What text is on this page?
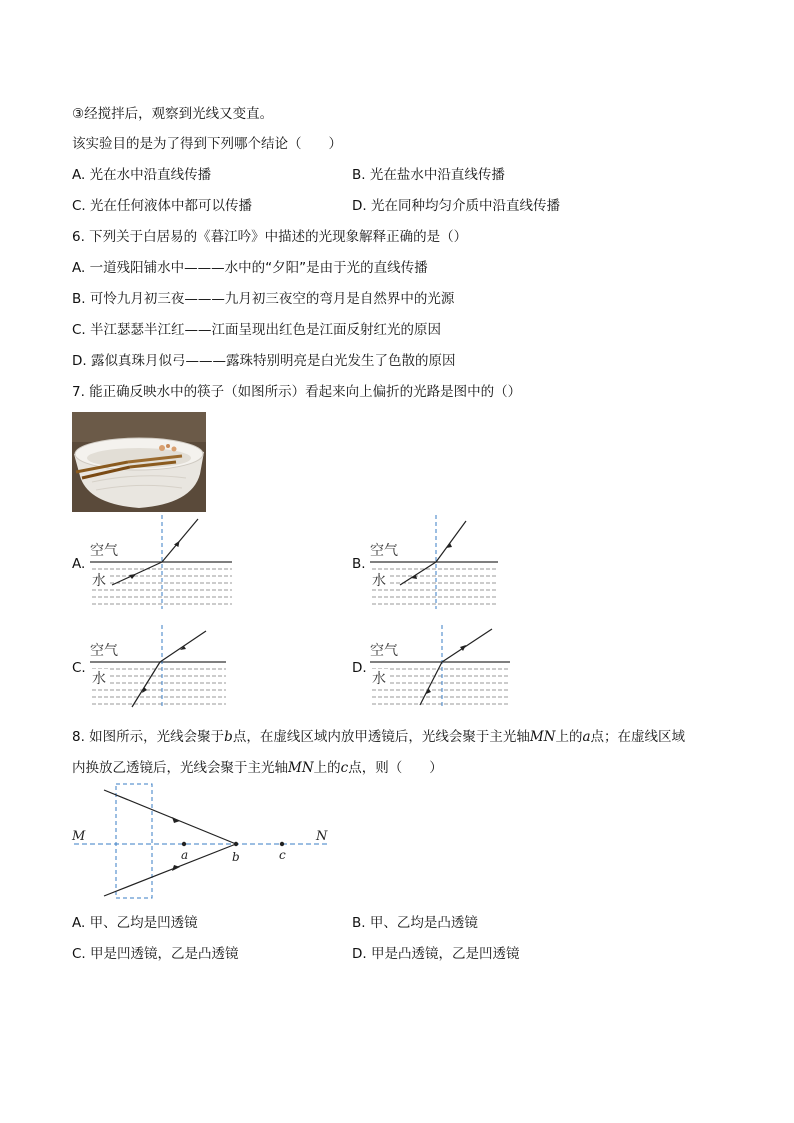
③经搅拌后，观察到光线又变直。
该实验目的是为了得到下列哪个结论（　　）
A. 光在水中沿直线传播	B. 光在盐水中沿直线传播
C. 光在任何液体中都可以传播	D. 光在同种均匀介质中沿直线传播
6. 下列关于白居易的《暮江吟》中描述的光现象解释正确的是（）
A. 一道残阳铺水中———水中的“夕阳”是由于光的直线传播
B. 可怜九月初三夜———九月初三夜空的弯月是自然界中的光源
C. 半江瑟瑟半江红——江面呈现出红色是江面反射红光的原因
D. 露似真珠月似弓———露珠特别明亮是白光发生了色散的原因
7. 能正确反映水中的筷子（如图所示）看起来向上偏折的光路是图中的（）
A.
空气
水
B.
空气
水
C.
空气
水
D.
空气
水
8. 如图所示，光线会聚于b点，在虚线区域内放甲透镜后，光线会聚于主光轴MN上的a点；在虚线区域
内换放乙透镜后，光线会聚于主光轴MN上的c点，则（　　）
M	N
a	b	c
A. 甲、乙均是凹透镜	B. 甲、乙均是凸透镜
C. 甲是凹透镜，乙是凸透镜	D. 甲是凸透镜，乙是凹透镜
